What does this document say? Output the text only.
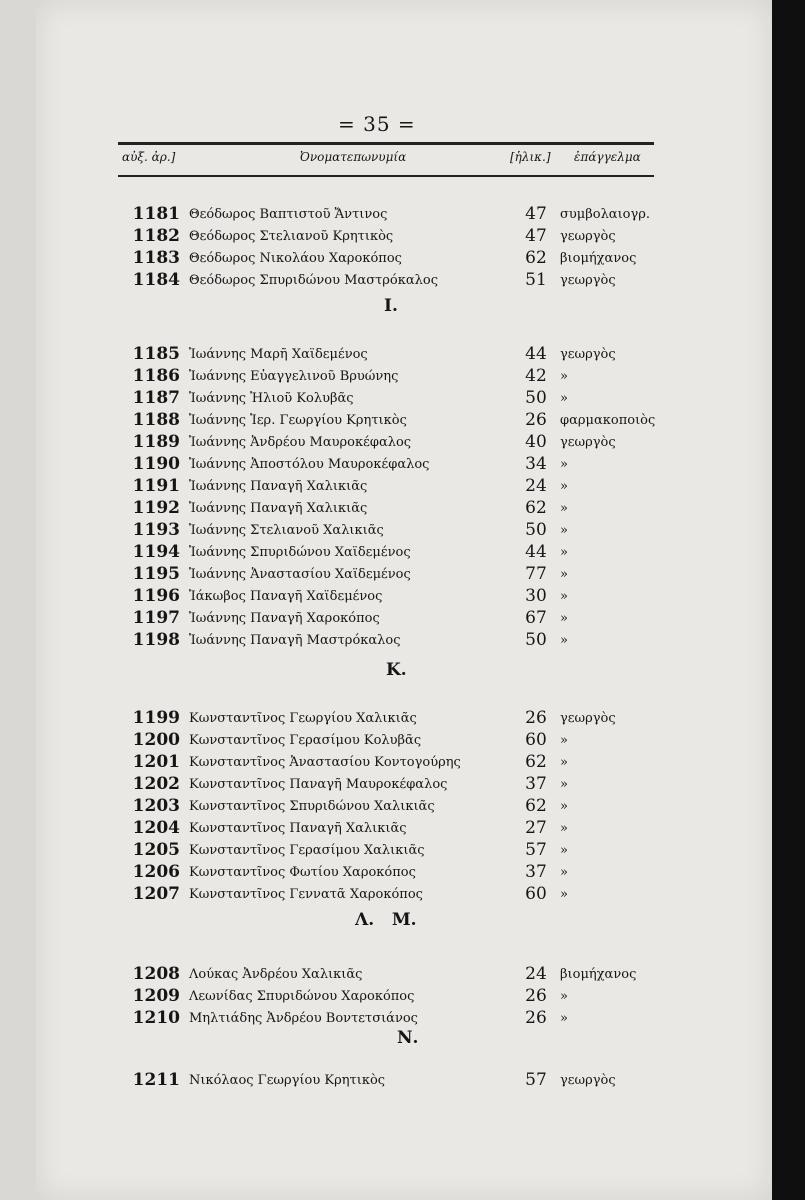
= 35 =
αὐξ. ἀρ.]	Ὀνοματεπωνυμία	[ἡλικ.] ἐπάγγελμα
Ι.
Κ.
Λ.   Μ.
Ν.
1181 Θεόδωρος Βαπτιστοῦ Ἄντινος	47	συμβολαιογρ.
1182 Θεόδωρος Στελιανοῦ Κρητικὸς	47	γεωργὸς
1183 Θεόδωρος Νικολάου Χαροκόπος	62	βιομήχανος
1184 Θεόδωρος Σπυριδώνου Μαστρόκαλος	51	γεωργὸς
1185 Ἰωάννης Μαρῆ Χαϊδεμένος	44	γεωργὸς
1186 Ἰωάννης Εὐαγγελινοῦ Βρυώνης	42	»
1187 Ἰωάννης Ἠλιοῦ Κολυβᾶς	50	»
1188 Ἰωάννης Ἱερ. Γεωργίου Κρητικὸς	26	φαρμακοποιὸς
1189 Ἰωάννης Ἀνδρέου Μαυροκέφαλος	40	γεωργὸς
1190 Ἰωάννης Ἀποστόλου Μαυροκέφαλος	34	»
1191 Ἰωάννης Παναγῆ Χαλικιᾶς	24	»
1192 Ἰωάννης Παναγῆ Χαλικιᾶς	62	»
1193 Ἰωάννης Στελιανοῦ Χαλικιᾶς	50	»
1194 Ἰωάννης Σπυριδώνου Χαϊδεμένος	44	»
1195 Ἰωάννης Ἀναστασίου Χαϊδεμένος	77	»
1196 Ἰάκωβος Παναγῆ Χαϊδεμένος	30	»
1197 Ἰωάννης Παναγῆ Χαροκόπος	67	»
1198 Ἰωάννης Παναγῆ Μαστρόκαλος	50	»
1199 Κωνσταντῖνος Γεωργίου Χαλικιᾶς	26	γεωργὸς
1200 Κωνσταντῖνος Γερασίμου Κολυβᾶς	60	»
1201 Κωνσταντῖνος Ἀναστασίου Κοντογούρης	62	»
1202 Κωνσταντῖνος Παναγῆ Μαυροκέφαλος	37	»
1203 Κωνσταντῖνος Σπυριδώνου Χαλικιᾶς	62	»
1204 Κωνσταντῖνος Παναγῆ Χαλικιᾶς	27	»
1205 Κωνσταντῖνος Γερασίμου Χαλικιᾶς	57	»
1206 Κωνσταντῖνος Φωτίου Χαροκόπος	37	»
1207 Κωνσταντῖνος Γεννατᾶ Χαροκόπος	60	»
1208 Λούκας Ἀνδρέου Χαλικιᾶς	24	βιομήχανος
1209 Λεωνίδας Σπυριδώνου Χαροκόπος	26	»
1210 Μηλτιάδης Ἀνδρέου Βοντετσιάνος	26	»
1211 Νικόλαος Γεωργίου Κρητικὸς	57	γεωργὸς
